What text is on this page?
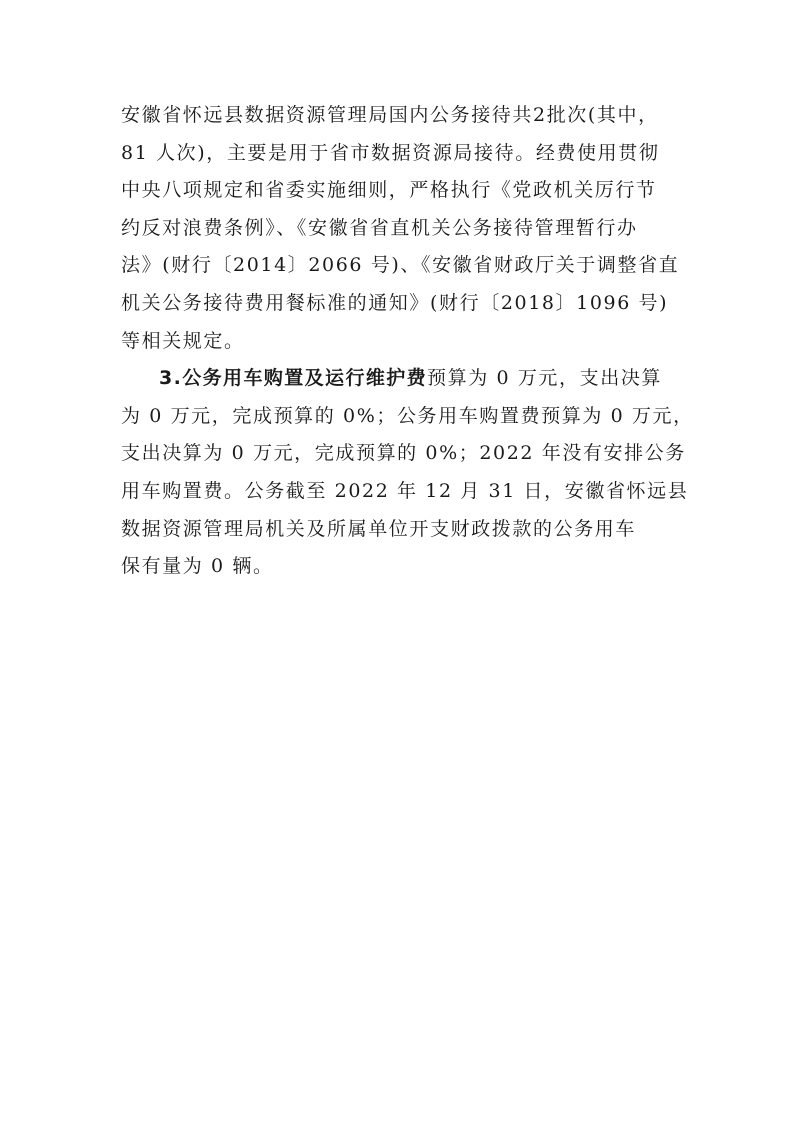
安徽省怀远县数据资源管理局国内公务接待共2批次(其中，
81 人次)，主要是用于省市数据资源局接待。经费使用贯彻
中央八项规定和省委实施细则，严格执行《党政机关厉行节
约反对浪费条例》、《安徽省省直机关公务接待管理暂行办
法》(财行〔2014〕2066 号)、《安徽省财政厅关于调整省直
机关公务接待费用餐标准的通知》(财行〔2018〕1096 号)
等相关规定。
3.公务用车购置及运行维护费预算为 0 万元，支出决算
为 0 万元，完成预算的 0%；公务用车购置费预算为 0 万元，
支出决算为 0 万元，完成预算的 0%；2022 年没有安排公务
用车购置费。公务截至 2022 年 12 月 31 日，安徽省怀远县
数据资源管理局机关及所属单位开支财政拨款的公务用车
保有量为 0 辆。
